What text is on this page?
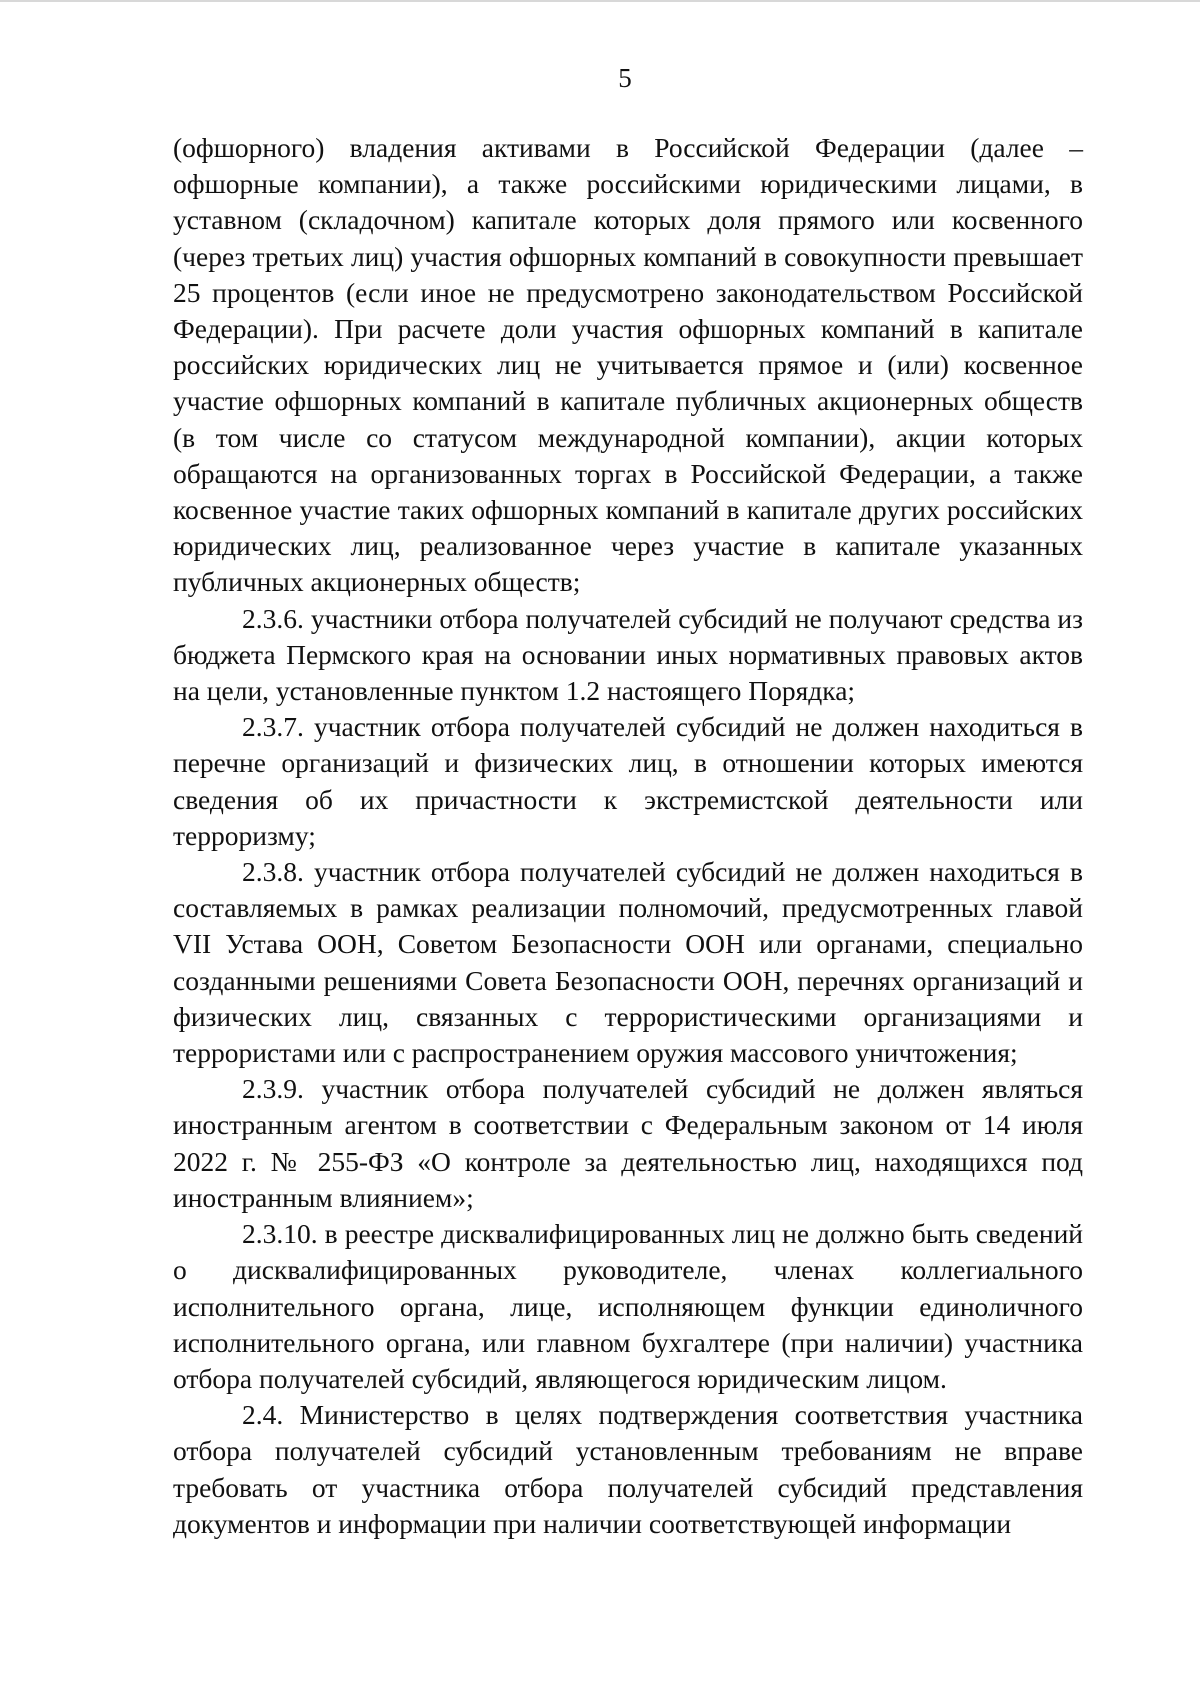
5

(офшорного) владения активами в Российской Федерации (далее – офшорные компании), а также российскими юридическими лицами, в уставном (складочном) капитале которых доля прямого или косвенного (через третьих лиц) участия офшорных компаний в совокупности превышает 25 процентов (если иное не предусмотрено законодательством Российской Федерации). При расчете доли участия офшорных компаний в капитале российских юридических лиц не учитывается прямое и (или) косвенное участие офшорных компаний в капитале публичных акционерных обществ (в том числе со статусом международной компании), акции которых обращаются на организованных торгах в Российской Федерации, а также косвенное участие таких офшорных компаний в капитале других российских юридических лиц, реализованное через участие в капитале указанных публичных акционерных обществ;

2.3.6. участники отбора получателей субсидий не получают средства из бюджета Пермского края на основании иных нормативных правовых актов на цели, установленные пунктом 1.2 настоящего Порядка;

2.3.7. участник отбора получателей субсидий не должен находиться в перечне организаций и физических лиц, в отношении которых имеются сведения об их причастности к экстремистской деятельности или терроризму;

2.3.8. участник отбора получателей субсидий не должен находиться в составляемых в рамках реализации полномочий, предусмотренных главой VII Устава ООН, Советом Безопасности ООН или органами, специально созданными решениями Совета Безопасности ООН, перечнях организаций и физических лиц, связанных с террористическими организациями и террористами или с распространением оружия массового уничтожения;

2.3.9. участник отбора получателей субсидий не должен являться иностранным агентом в соответствии с Федеральным законом от 14 июля 2022 г. № 255-ФЗ «О контроле за деятельностью лиц, находящихся под иностранным влиянием»;

2.3.10. в реестре дисквалифицированных лиц не должно быть сведений о дисквалифицированных руководителе, членах коллегиального исполнительного органа, лице, исполняющем функции единоличного исполнительного органа, или главном бухгалтере (при наличии) участника отбора получателей субсидий, являющегося юридическим лицом.

2.4. Министерство в целях подтверждения соответствия участника отбора получателей субсидий установленным требованиям не вправе требовать от участника отбора получателей субсидий представления документов и информации при наличии соответствующей информации
